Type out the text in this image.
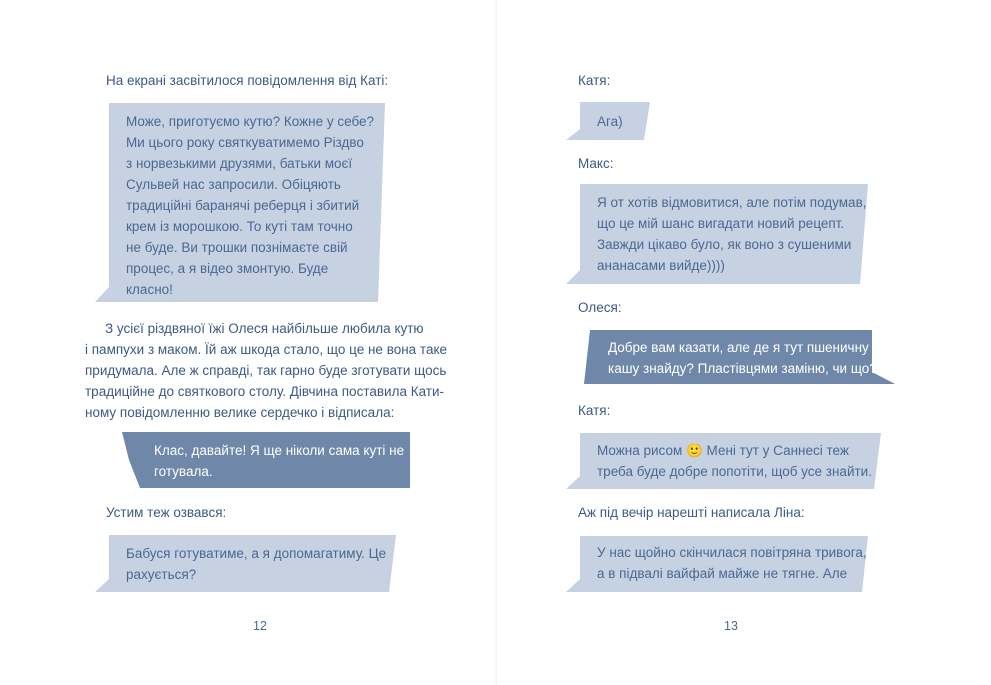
На екрані засвітилося повідомлення від Каті:

Може, приготуємо кутю? Кожне у себе?
Ми цього року святкуватимемо Різдво
з норвезькими друзями, батьки моєї
Сульвей нас запросили. Обіцяють
традиційні баранячі реберця і збитий
крем із морошкою. То куті там точно
не буде. Ви трошки познімаєте свій
процес, а я відео змонтую. Буде
класно!
З усієї різдвяної їжі Олеся найбільше любила кутю
і пампухи з маком. Їй аж шкода стало, що це не вона таке
придумала. Але ж справді, так гарно буде зготувати щось
традиційне до святкового столу. Дівчина поставила Кати-
ному повідомленню велике сердечко і відписала:
Клас, давайте! Я ще ніколи сама куті не
готувала.

Устим теж озвався:

Бабуся готуватиме, а я допомагатиму. Це
рахується?
12

Катя:

Ага)

Макс:

Я от хотів відмовитися, але потім подумав,
що це мій шанс вигадати новий рецепт.
Завжди цікаво було, як воно з сушеними
ананасами вийде))))

Олеся:

Добре вам казати, але де я тут пшеничну
кашу знайду? Пластівцями заміню, чи що?

Катя:

Можна рисом 🙂 Мені тут у Саннесі теж
треба буде добре попотіти, щоб усе знайти.

Аж під вечір нарешті написала Ліна:

У нас щойно скінчилася повітряна тривога,
а в підвалі вайфай майже не тягне. Але
13
